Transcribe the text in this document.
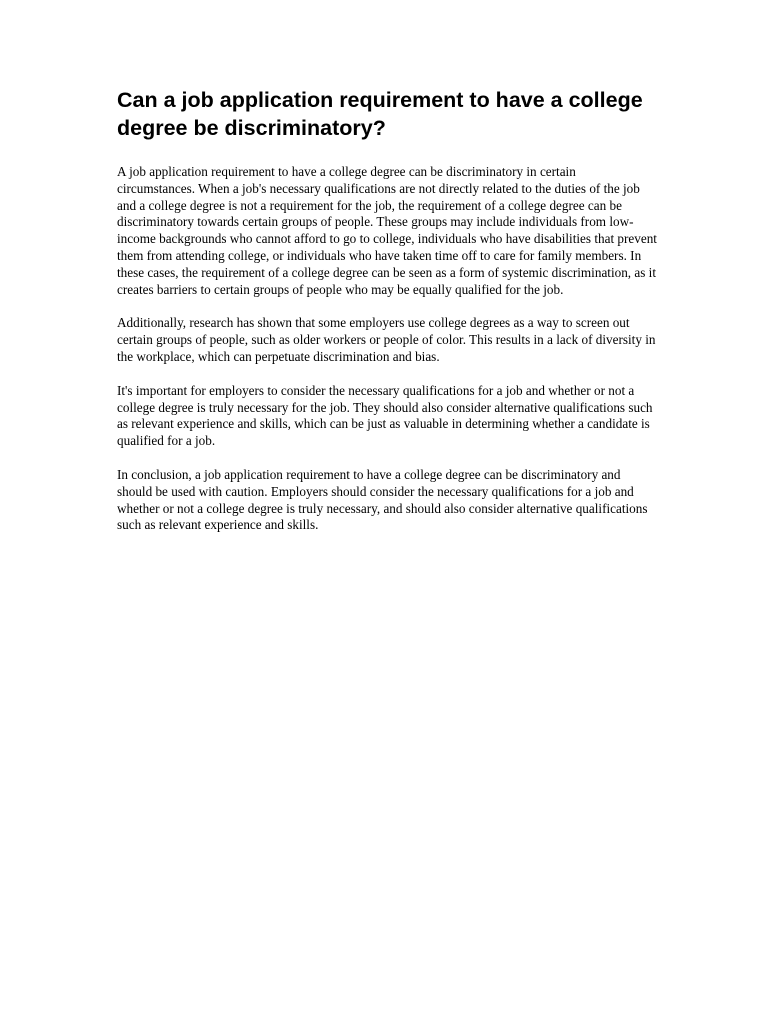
Can a job application requirement to have a college degree be discriminatory?

A job application requirement to have a college degree can be discriminatory in certain circumstances. When a job's necessary qualifications are not directly related to the duties of the job and a college degree is not a requirement for the job, the requirement of a college degree can be discriminatory towards certain groups of people. These groups may include individuals from low-income backgrounds who cannot afford to go to college, individuals who have disabilities that prevent them from attending college, or individuals who have taken time off to care for family members. In these cases, the requirement of a college degree can be seen as a form of systemic discrimination, as it creates barriers to certain groups of people who may be equally qualified for the job.

Additionally, research has shown that some employers use college degrees as a way to screen out certain groups of people, such as older workers or people of color. This results in a lack of diversity in the workplace, which can perpetuate discrimination and bias.

It's important for employers to consider the necessary qualifications for a job and whether or not a college degree is truly necessary for the job. They should also consider alternative qualifications such as relevant experience and skills, which can be just as valuable in determining whether a candidate is qualified for a job.

In conclusion, a job application requirement to have a college degree can be discriminatory and should be used with caution. Employers should consider the necessary qualifications for a job and whether or not a college degree is truly necessary, and should also consider alternative qualifications such as relevant experience and skills.
